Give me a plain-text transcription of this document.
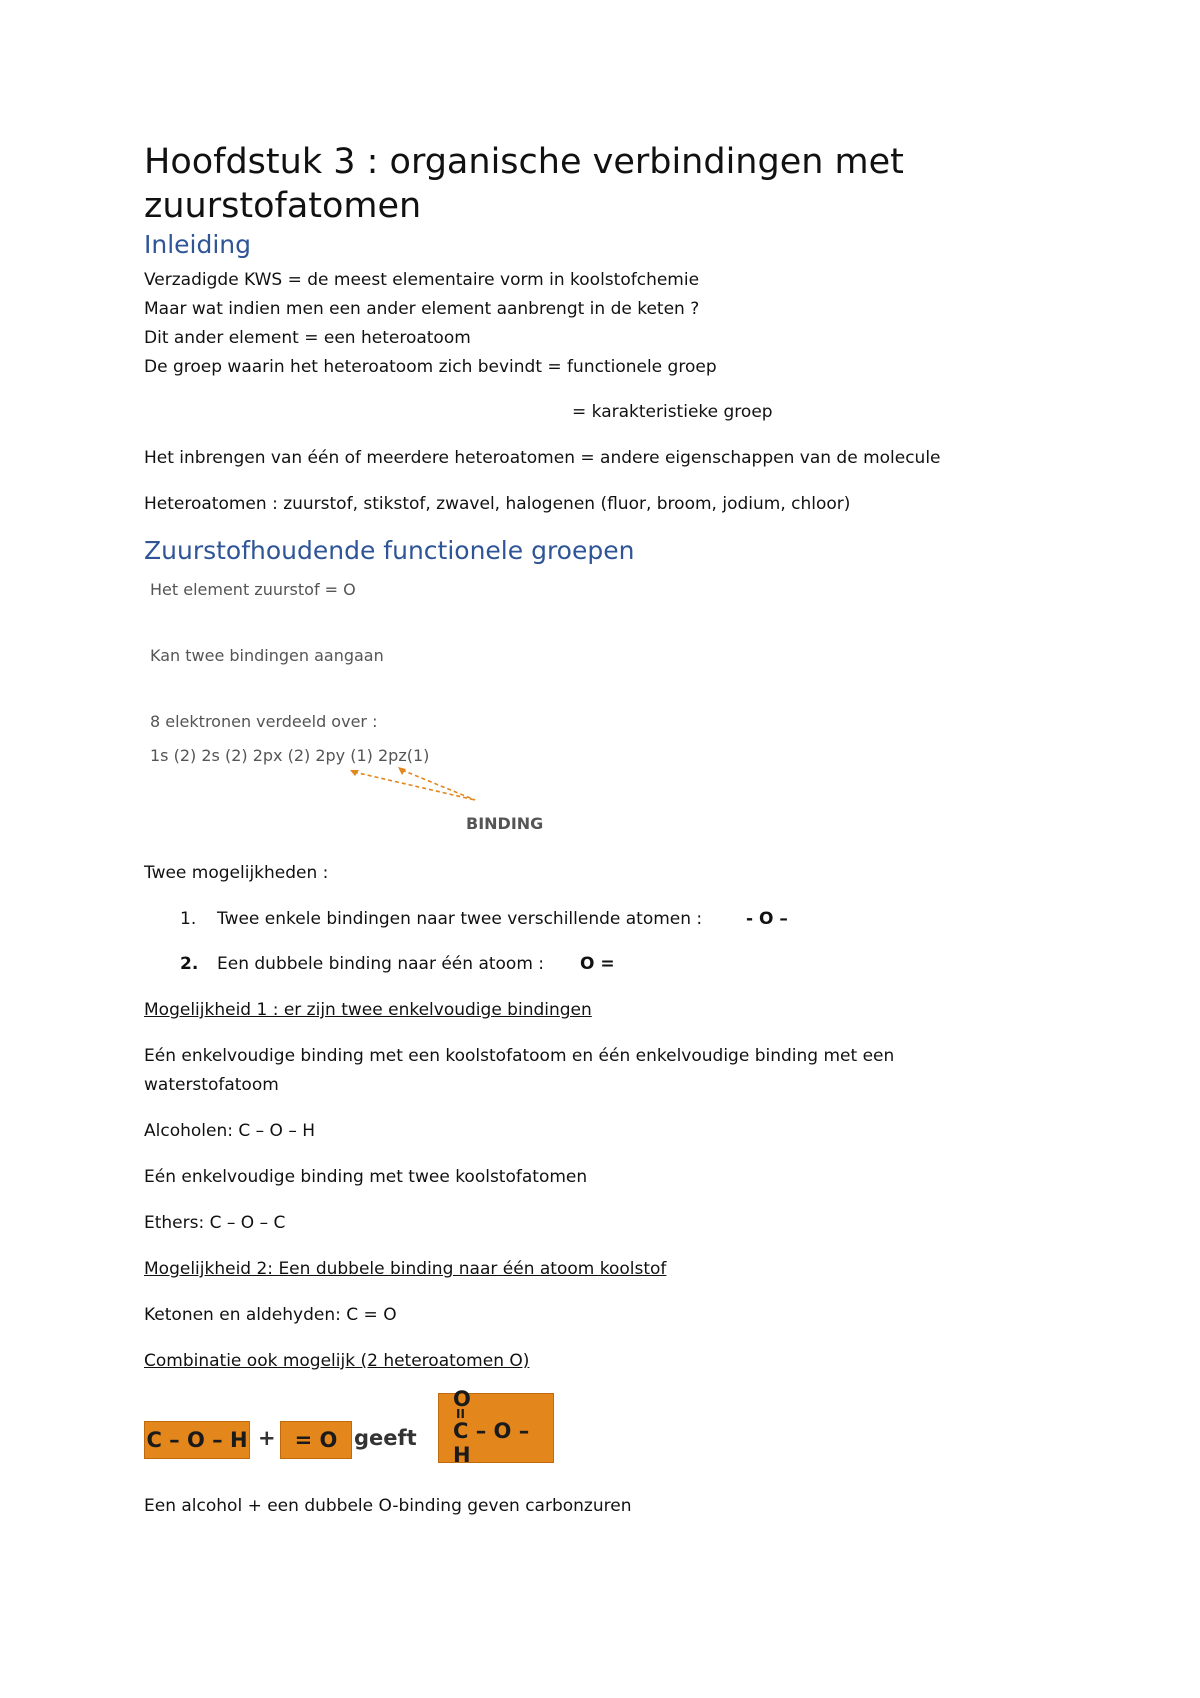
Hoofdstuk 3 : organische verbindingen met zuurstofatomen
Inleiding
Verzadigde KWS = de meest elementaire vorm in koolstofchemie
Maar wat indien men een ander element aanbrengt in de keten ?
Dit ander element = een heteroatoom
De groep waarin het heteroatoom zich bevindt = functionele groep
= karakteristieke groep
Het inbrengen van één of meerdere heteroatomen = andere eigenschappen van de molecule
Heteroatomen : zuurstof, stikstof, zwavel, halogenen (fluor, broom, jodium, chloor)
Zuurstofhoudende functionele groepen
Het element zuurstof = O
Kan twee bindingen aangaan
8 elektronen verdeeld over :
1s (2) 2s (2) 2px (2) 2py (1) 2pz(1)
BINDING
Twee mogelijkheden :
1. Twee enkele bindingen naar twee verschillende atomen :	- O –
2. Een dubbele binding naar één atoom : O =
Mogelijkheid 1 : er zijn twee enkelvoudige bindingen
Eén enkelvoudige binding met een koolstofatoom en één enkelvoudige binding met een
waterstofatoom
Alcoholen: C – O – H
Eén enkelvoudige binding met twee koolstofatomen
Ethers: C – O – C
Mogelijkheid 2: Een dubbele binding naar één atoom koolstof
Ketonen en aldehyden: C = O
Combinatie ook mogelijk (2 heteroatomen O)
C – O – H + = O geeft
O
II
C – O – H
Een alcohol + een dubbele O-binding geven carbonzuren
